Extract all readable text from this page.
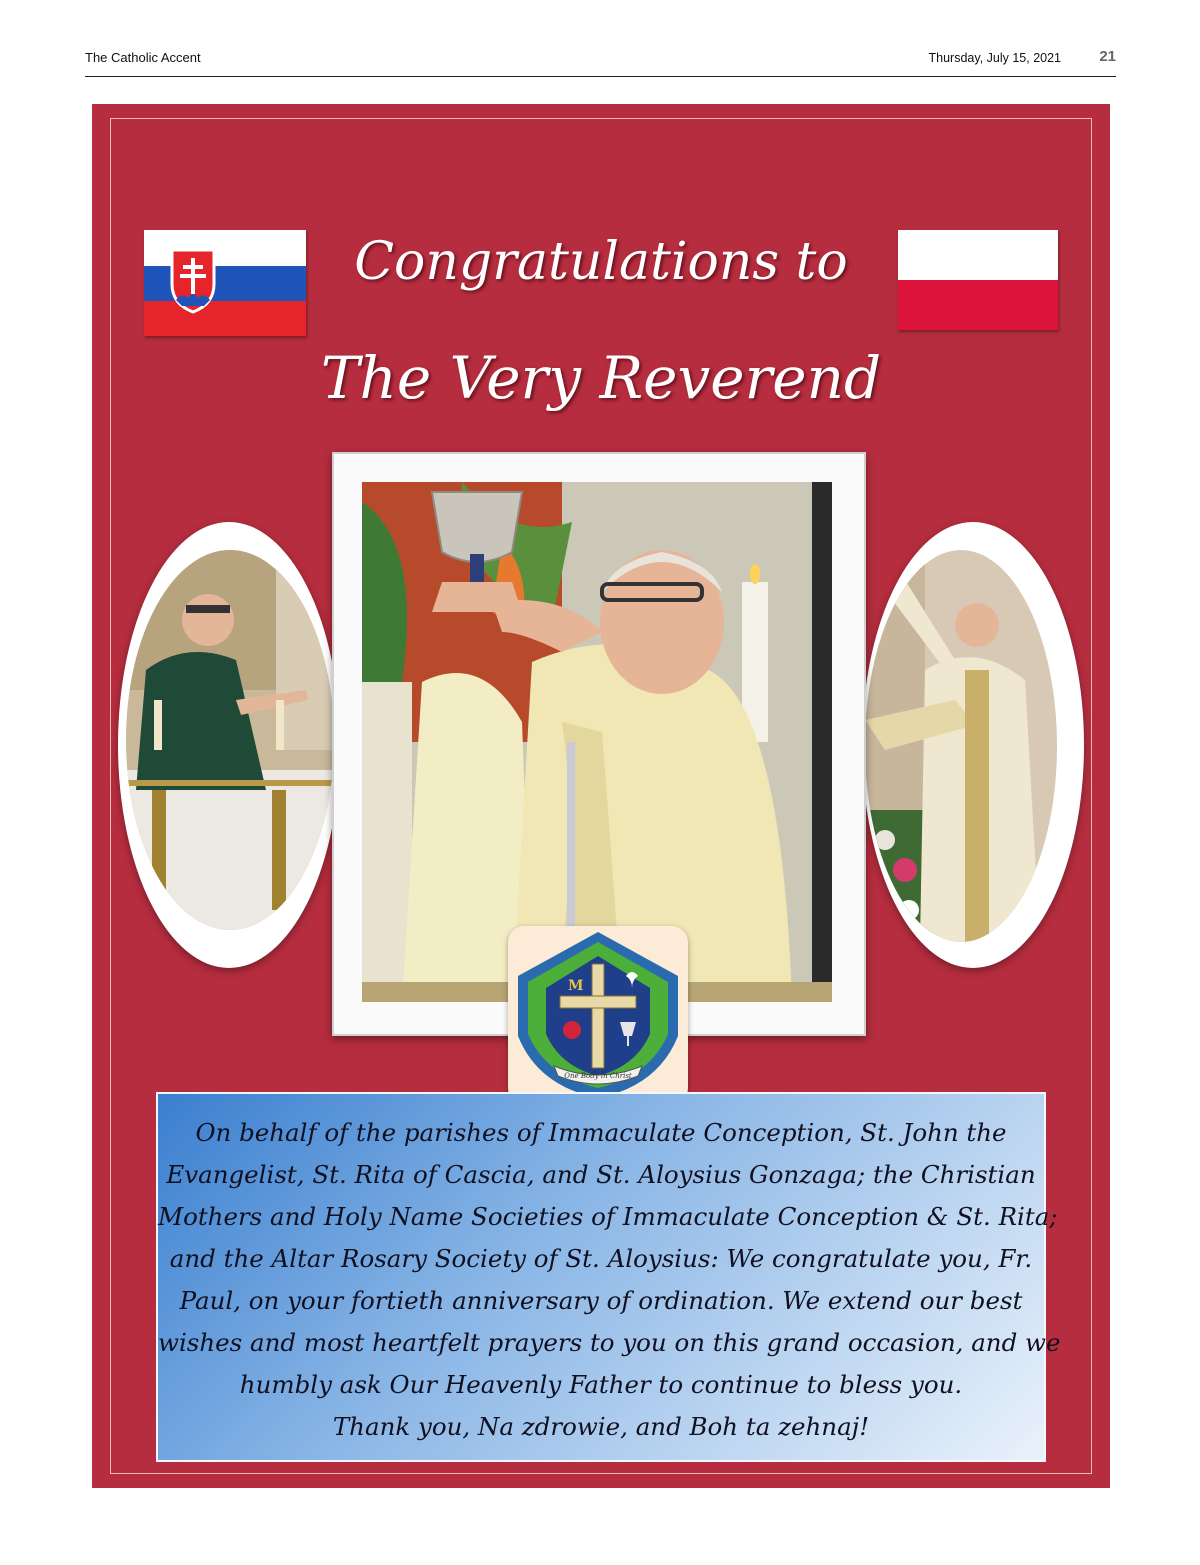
The Catholic Accent	Thursday, July 15, 2021	21
Congratulations to
The Very Reverend
M
One Body in Christ
On behalf of the parishes of Immaculate Conception, St. John the
Evangelist, St. Rita of Cascia, and St. Aloysius Gonzaga; the Christian
Mothers and Holy Name Societies of Immaculate Conception & St. Rita;
and the Altar Rosary Society of St. Aloysius: We congratulate you, Fr.
Paul, on your fortieth anniversary of ordination. We extend our best
wishes and most heartfelt prayers to you on this grand occasion, and we
humbly ask Our Heavenly Father to continue to bless you.
Thank you, Na zdrowie, and Boh ta zehnaj!
